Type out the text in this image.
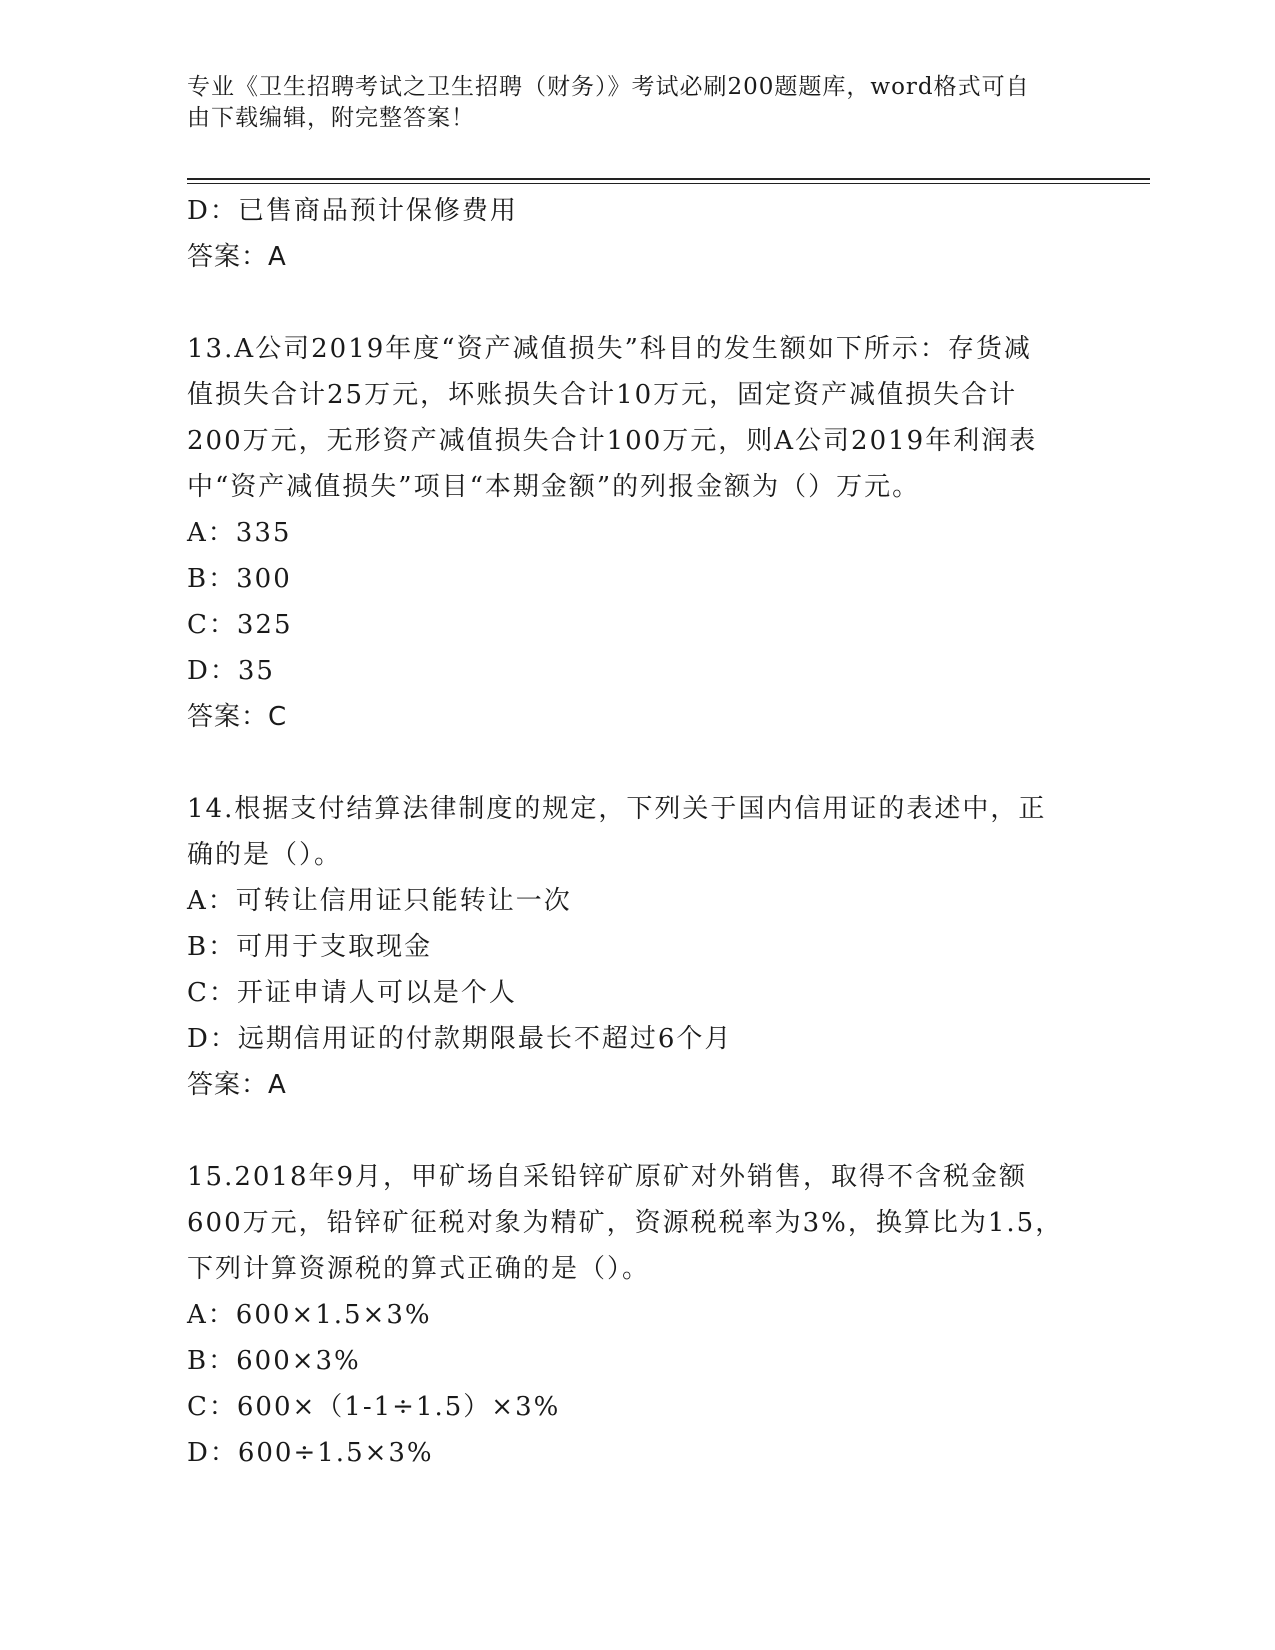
专业《卫生招聘考试之卫生招聘（财务）》考试必刷200题题库，word格式可自
由下载编辑，附完整答案！
D：已售商品预计保修费用
答案：A
13.A公司2019年度“资产减值损失”科目的发生额如下所示：存货减
值损失合计25万元，坏账损失合计10万元，固定资产减值损失合计
200万元，无形资产减值损失合计100万元，则A公司2019年利润表
中“资产减值损失”项目“本期金额”的列报金额为（）万元。
A：335
B：300
C：325
D：35
答案：C
14.根据支付结算法律制度的规定，下列关于国内信用证的表述中，正
确的是（）。
A：可转让信用证只能转让一次
B：可用于支取现金
C：开证申请人可以是个人
D：远期信用证的付款期限最长不超过6个月
答案：A
15.2018年9月，甲矿场自采铅锌矿原矿对外销售，取得不含税金额
600万元，铅锌矿征税对象为精矿，资源税税率为3%，换算比为1.5，
下列计算资源税的算式正确的是（）。
A：600×1.5×3%
B：600×3%
C：600×（1-1÷1.5）×3%
D：600÷1.5×3%
